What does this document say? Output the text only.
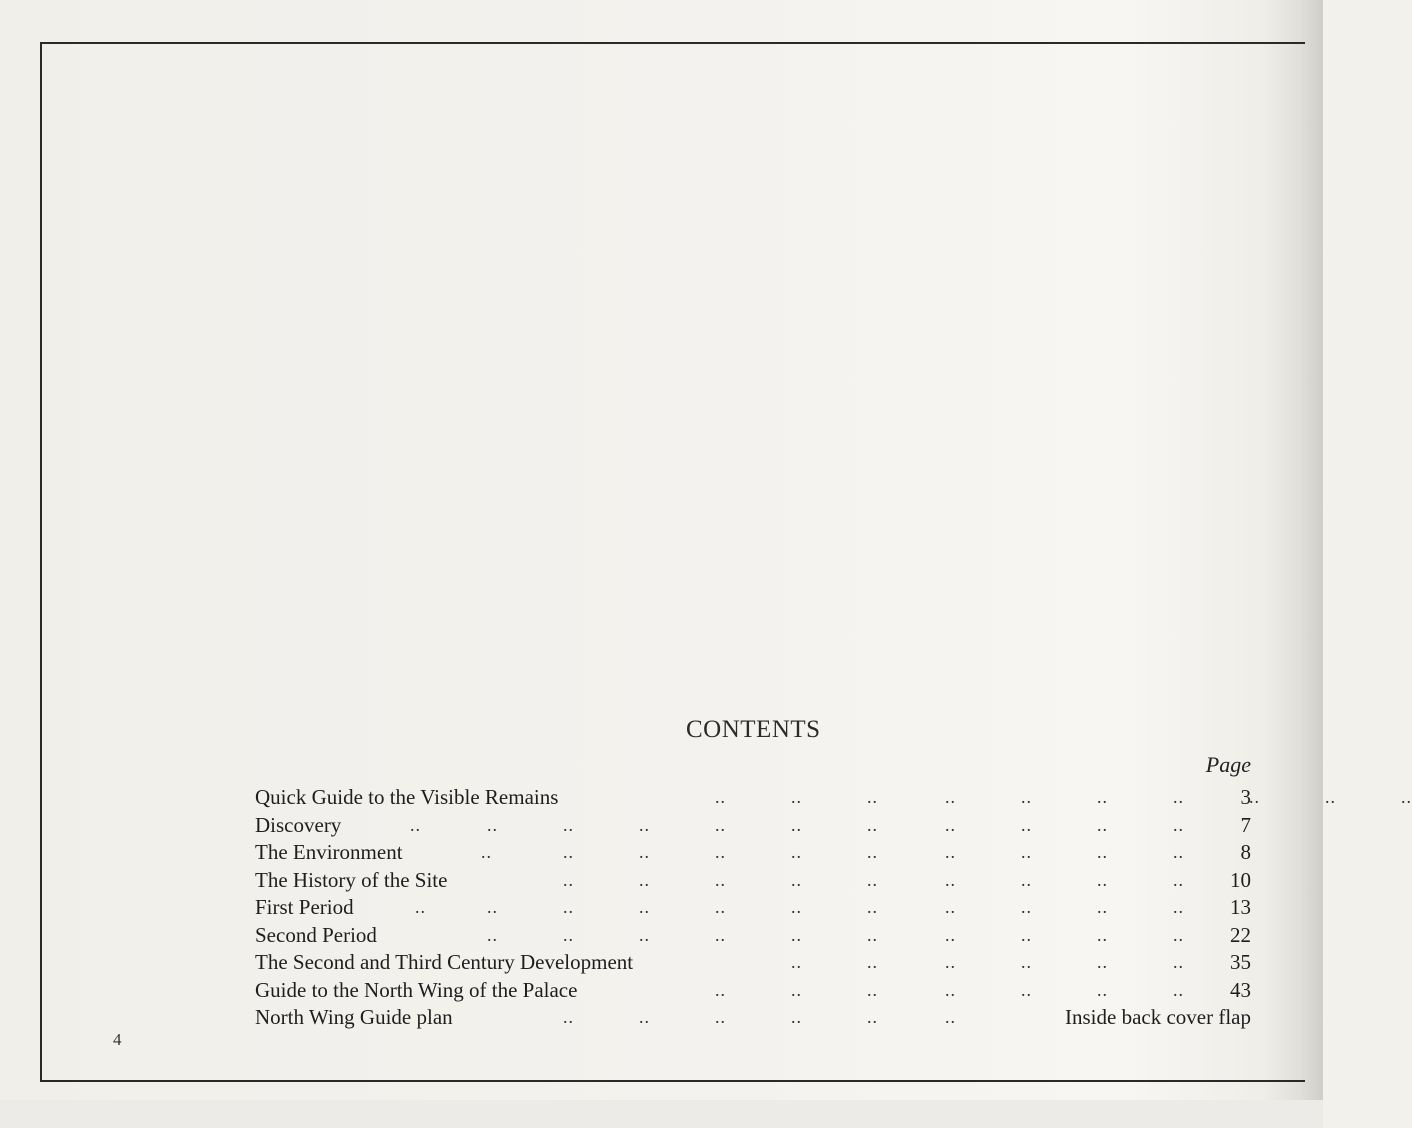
CONTENTS
Page
Quick Guide to the Visible Remains	3
..	..	..	..	..	..	..	..	..	..
Discovery	7
..	..	..	..	..	..	..	..	..	..	..
The Environment	8
..	..	..	..	..	..	..	..	..	..
The History of the Site	10
..	..	..	..	..	..	..	..	..
First Period	13
..	..	..	..	..	..	..	..	..	..	..
Second Period	22
..	..	..	..	..	..	..	..	..	..
The Second and Third Century Development	35
..	..	..	..	..	..
Guide to the North Wing of the Palace	43
..	..	..	..	..	..	..
North Wing Guide plan	Inside back cover flap
..	..	..	..	..	..
4
